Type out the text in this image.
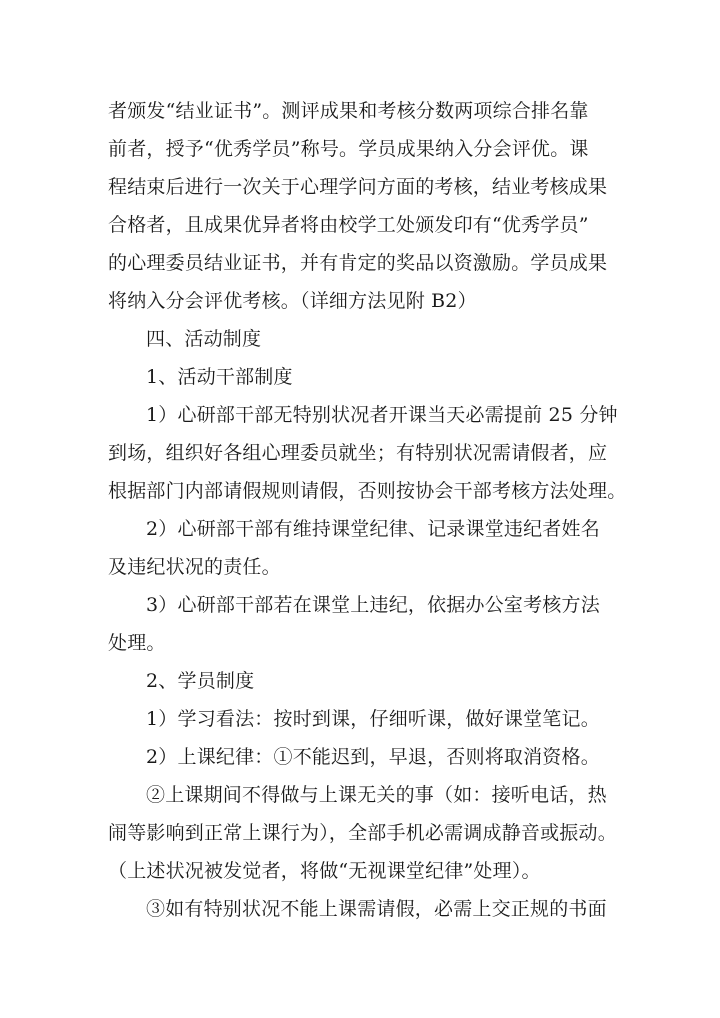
者颁发“结业证书”。测评成果和考核分数两项综合排名靠
前者，授予“优秀学员”称号。学员成果纳入分会评优。课
程结束后进行一次关于心理学问方面的考核，结业考核成果
合格者，且成果优异者将由校学工处颁发印有“优秀学员”
的心理委员结业证书，并有肯定的奖品以资激励。学员成果
将纳入分会评优考核。（详细方法见附 B2）

四、活动制度

1、活动干部制度

1）心研部干部无特别状况者开课当天必需提前 25 分钟
到场，组织好各组心理委员就坐；有特别状况需请假者，应
根据部门内部请假规则请假，否则按协会干部考核方法处理。

2）心研部干部有维持课堂纪律、记录课堂违纪者姓名
及违纪状况的责任。

3）心研部干部若在课堂上违纪，依据办公室考核方法
处理。

2、学员制度

1）学习看法：按时到课，仔细听课，做好课堂笔记。

2）上课纪律：①不能迟到，早退，否则将取消资格。

②上课期间不得做与上课无关的事（如：接听电话，热
闹等影响到正常上课行为），全部手机必需调成静音或振动。
（上述状况被发觉者，将做“无视课堂纪律”处理）。

③如有特别状况不能上课需请假，必需上交正规的书面
